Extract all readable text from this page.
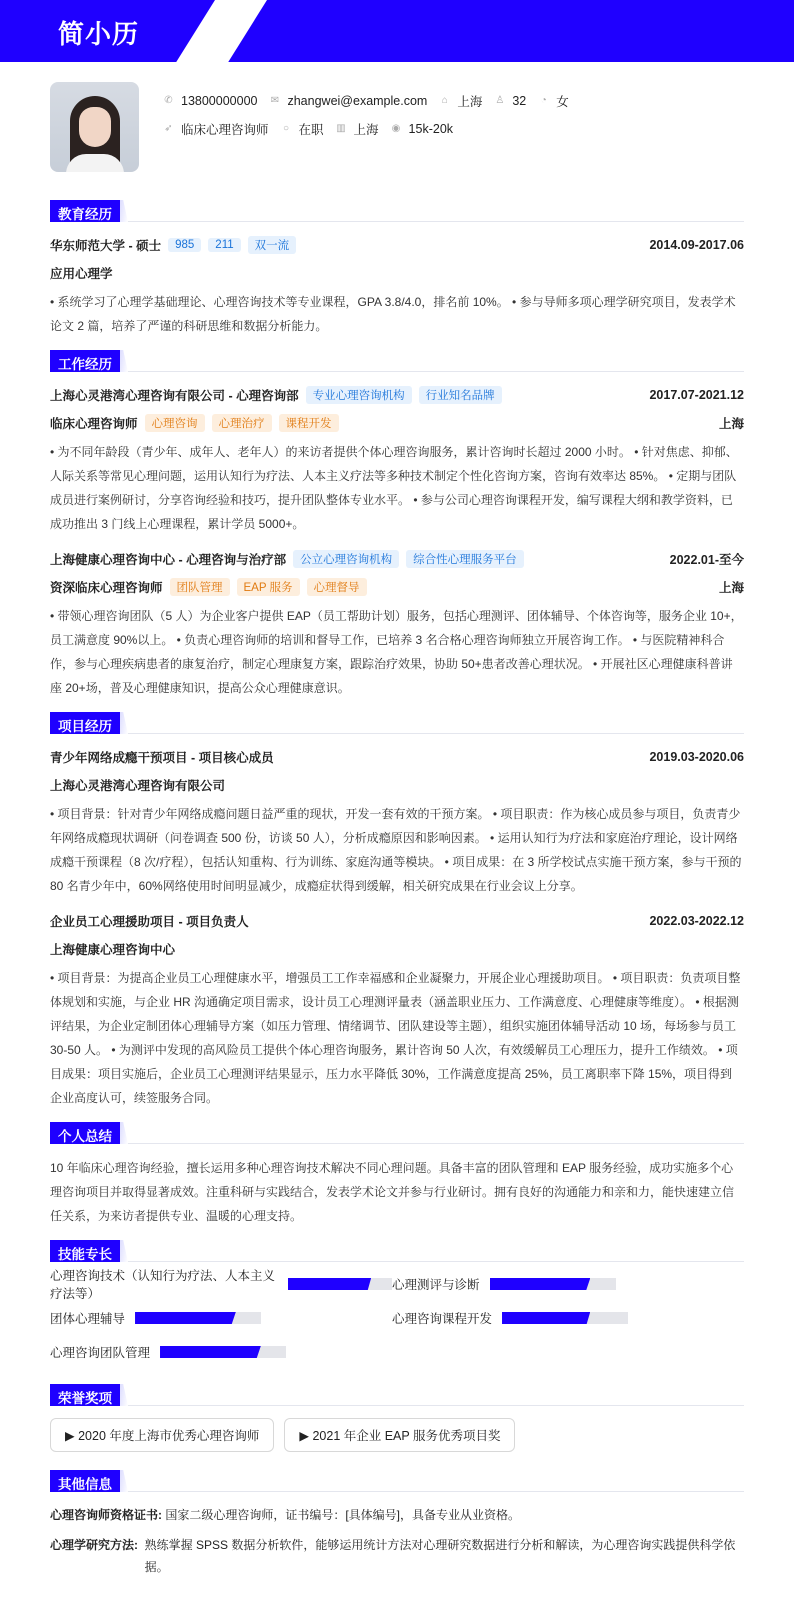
简小历
✆ 13800000000 ✉ zhangwei@example.com ⌂ 上海 ♙ 32 ◔ 女
➶ 临床心理咨询师 ○ 在职 ▥ 上海 ◉ 15k-20k
教育经历
华东师范大学 - 硕士	985	211	双一流	2014.09-2017.06
应用心理学
• 系统学习了心理学基础理论、心理咨询技术等专业课程，GPA 3.8/4.0，排名前 10%。 • 参与导师多项心理学研究项目，发表学术论文 2 篇，培养了严谨的科研思维和数据分析能力。
工作经历
上海心灵港湾心理咨询有限公司 - 心理咨询部	专业心理咨询机构	行业知名品牌	2017.07-2021.12
临床心理咨询师	心理咨询	心理治疗	课程开发	上海
• 为不同年龄段（青少年、成年人、老年人）的来访者提供个体心理咨询服务，累计咨询时长超过 2000 小时。 • 针对焦虑、抑郁、人际关系等常见心理问题，运用认知行为疗法、人本主义疗法等多种技术制定个性化咨询方案，咨询有效率达 85%。 • 定期与团队成员进行案例研讨，分享咨询经验和技巧，提升团队整体专业水平。 • 参与公司心理咨询课程开发，编写课程大纲和教学资料，已成功推出 3 门线上心理课程，累计学员 5000+。
上海健康心理咨询中心 - 心理咨询与治疗部	公立心理咨询机构	综合性心理服务平台	2022.01-至今
资深临床心理咨询师	团队管理	EAP 服务	心理督导	上海
• 带领心理咨询团队（5 人）为企业客户提供 EAP（员工帮助计划）服务，包括心理测评、团体辅导、个体咨询等，服务企业 10+，员工满意度 90%以上。 • 负责心理咨询师的培训和督导工作，已培养 3 名合格心理咨询师独立开展咨询工作。 • 与医院精神科合作，参与心理疾病患者的康复治疗，制定心理康复方案，跟踪治疗效果，协助 50+患者改善心理状况。 • 开展社区心理健康科普讲座 20+场，普及心理健康知识，提高公众心理健康意识。
项目经历
青少年网络成瘾干预项目 - 项目核心成员	2019.03-2020.06
上海心灵港湾心理咨询有限公司
• 项目背景：针对青少年网络成瘾问题日益严重的现状，开发一套有效的干预方案。 • 项目职责：作为核心成员参与项目，负责青少年网络成瘾现状调研（问卷调查 500 份，访谈 50 人），分析成瘾原因和影响因素。 • 运用认知行为疗法和家庭治疗理论，设计网络成瘾干预课程（8 次/疗程），包括认知重构、行为训练、家庭沟通等模块。 • 项目成果：在 3 所学校试点实施干预方案，参与干预的 80 名青少年中，60%网络使用时间明显减少，成瘾症状得到缓解，相关研究成果在行业会议上分享。
企业员工心理援助项目 - 项目负责人	2022.03-2022.12
上海健康心理咨询中心
• 项目背景：为提高企业员工心理健康水平，增强员工工作幸福感和企业凝聚力，开展企业心理援助项目。 • 项目职责：负责项目整体规划和实施，与企业 HR 沟通确定项目需求，设计员工心理测评量表（涵盖职业压力、工作满意度、心理健康等维度）。 • 根据测评结果，为企业定制团体心理辅导方案（如压力管理、情绪调节、团队建设等主题），组织实施团体辅导活动 10 场，每场参与员工 30-50 人。 • 为测评中发现的高风险员工提供个体心理咨询服务，累计咨询 50 人次，有效缓解员工心理压力，提升工作绩效。 • 项目成果：项目实施后，企业员工心理测评结果显示，压力水平降低 30%，工作满意度提高 25%，员工离职率下降 15%，项目得到企业高度认可，续签服务合同。
个人总结
10 年临床心理咨询经验，擅长运用多种心理咨询技术解决不同心理问题。具备丰富的团队管理和 EAP 服务经验，成功实施多个心理咨询项目并取得显著成效。注重科研与实践结合，发表学术论文并参与行业研讨。拥有良好的沟通能力和亲和力，能快速建立信任关系，为来访者提供专业、温暖的心理支持。
技能专长
心理咨询技术（认知行为疗法、人本主义疗法等）
心理测评与诊断
团体心理辅导	心理咨询课程开发
心理咨询团队管理
荣誉奖项
▶ 2020 年度上海市优秀心理咨询师	▶ 2021 年企业 EAP 服务优秀项目奖
其他信息
心理咨询师资格证书:
国家二级心理咨询师，证书编号：[具体编号]，具备专业从业资格。
心理学研究方法:
熟练掌握 SPSS 数据分析软件，能够运用统计方法对心理研究数据进行分析和解读，为心理咨询实践提供科学依据。
